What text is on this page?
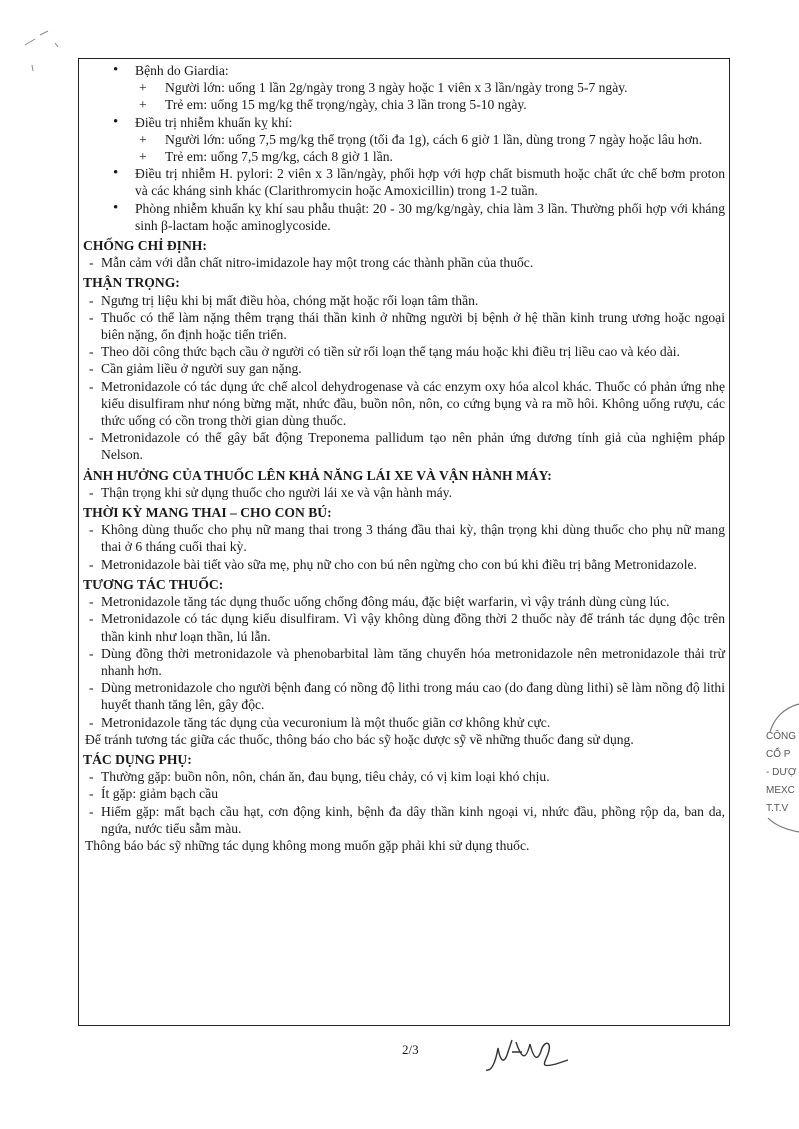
• Bệnh do Giardia:

+ Người lớn: uống 1 lần 2g/ngày trong 3 ngày hoặc 1 viên x 3 lần/ngày trong 5-7 ngày.

+ Trẻ em: uống 15 mg/kg thể trọng/ngày, chia 3 lần trong 5-10 ngày.

• Điều trị nhiễm khuẩn kỵ khí:

+ Người lớn: uống 7,5 mg/kg thể trọng (tối đa 1g), cách 6 giờ 1 lần, dùng trong 7 ngày hoặc lâu hơn.

+ Trẻ em: uống 7,5 mg/kg, cách 8 giờ 1 lần.

• Điều trị nhiễm H. pylori: 2 viên x 3 lần/ngày, phối hợp với hợp chất bismuth hoặc chất ức chế bơm proton và các kháng sinh khác (Clarithromycin hoặc Amoxicillin) trong 1-2 tuần.

• Phòng nhiễm khuẩn kỵ khí sau phẫu thuật: 20 - 30 mg/kg/ngày, chia làm 3 lần. Thường phối hợp với kháng sinh β-lactam hoặc aminoglycoside.

CHỐNG CHỈ ĐỊNH:

- Mẫn cảm với dẫn chất nitro-imidazole hay một trong các thành phần của thuốc.

THẬN TRỌNG:

- Ngưng trị liệu khi bị mất điều hòa, chóng mặt hoặc rối loạn tâm thần.

- Thuốc có thể làm nặng thêm trạng thái thần kinh ở những người bị bệnh ở hệ thần kinh trung ương hoặc ngoại biên nặng, ổn định hoặc tiến triển.

- Theo dõi công thức bạch cầu ở người có tiền sử rối loạn thể tạng máu hoặc khi điều trị liều cao và kéo dài.

- Cần giảm liều ở người suy gan nặng.

- Metronidazole có tác dụng ức chế alcol dehydrogenase và các enzym oxy hóa alcol khác. Thuốc có phản ứng nhẹ kiểu disulfiram như nóng bừng mặt, nhức đầu, buồn nôn, nôn, co cứng bụng và ra mồ hôi. Không uống rượu, các thức uống có cồn trong thời gian dùng thuốc.

- Metronidazole có thể gây bất động Treponema pallidum tạo nên phản ứng dương tính giả của nghiệm pháp Nelson.

ẢNH HƯỞNG CỦA THUỐC LÊN KHẢ NĂNG LÁI XE VÀ VẬN HÀNH MÁY:

- Thận trọng khi sử dụng thuốc cho người lái xe và vận hành máy.

THỜI KỲ MANG THAI – CHO CON BÚ:

- Không dùng thuốc cho phụ nữ mang thai trong 3 tháng đầu thai kỳ, thận trọng khi dùng thuốc cho phụ nữ mang thai ở 6 tháng cuối thai kỳ.

- Metronidazole bài tiết vào sữa mẹ, phụ nữ cho con bú nên ngừng cho con bú khi điều trị bằng Metronidazole.

TƯƠNG TÁC THUỐC:

- Metronidazole tăng tác dụng thuốc uống chống đông máu, đặc biệt warfarin, vì vậy tránh dùng cùng lúc.

- Metronidazole có tác dụng kiểu disulfiram. Vì vậy không dùng đồng thời 2 thuốc này để tránh tác dụng độc trên thần kinh như loạn thần, lú lẫn.

- Dùng đồng thời metronidazole và phenobarbital làm tăng chuyển hóa metronidazole nên metronidazole thải trừ nhanh hơn.

- Dùng metronidazole cho người bệnh đang có nồng độ lithi trong máu cao (do đang dùng lithi) sẽ làm nồng độ lithi huyết thanh tăng lên, gây độc.

- Metronidazole tăng tác dụng của vecuronium là một thuốc giãn cơ không khử cực.

Để tránh tương tác giữa các thuốc, thông báo cho bác sỹ hoặc dược sỹ về những thuốc đang sử dụng.

TÁC DỤNG PHỤ:

- Thường gặp: buồn nôn, nôn, chán ăn, đau bụng, tiêu chảy, có vị kim loại khó chịu.

- Ít gặp: giảm bạch cầu

- Hiếm gặp: mất bạch cầu hạt, cơn động kinh, bệnh đa dây thần kinh ngoại vi, nhức đầu, phồng rộp da, ban da, ngứa, nước tiểu sẫm màu.

Thông báo bác sỹ những tác dụng không mong muốn gặp phải khi sử dụng thuốc.

2/3
CÔNG
CỔ P
- DƯỢ
MEXC
T.T.V
